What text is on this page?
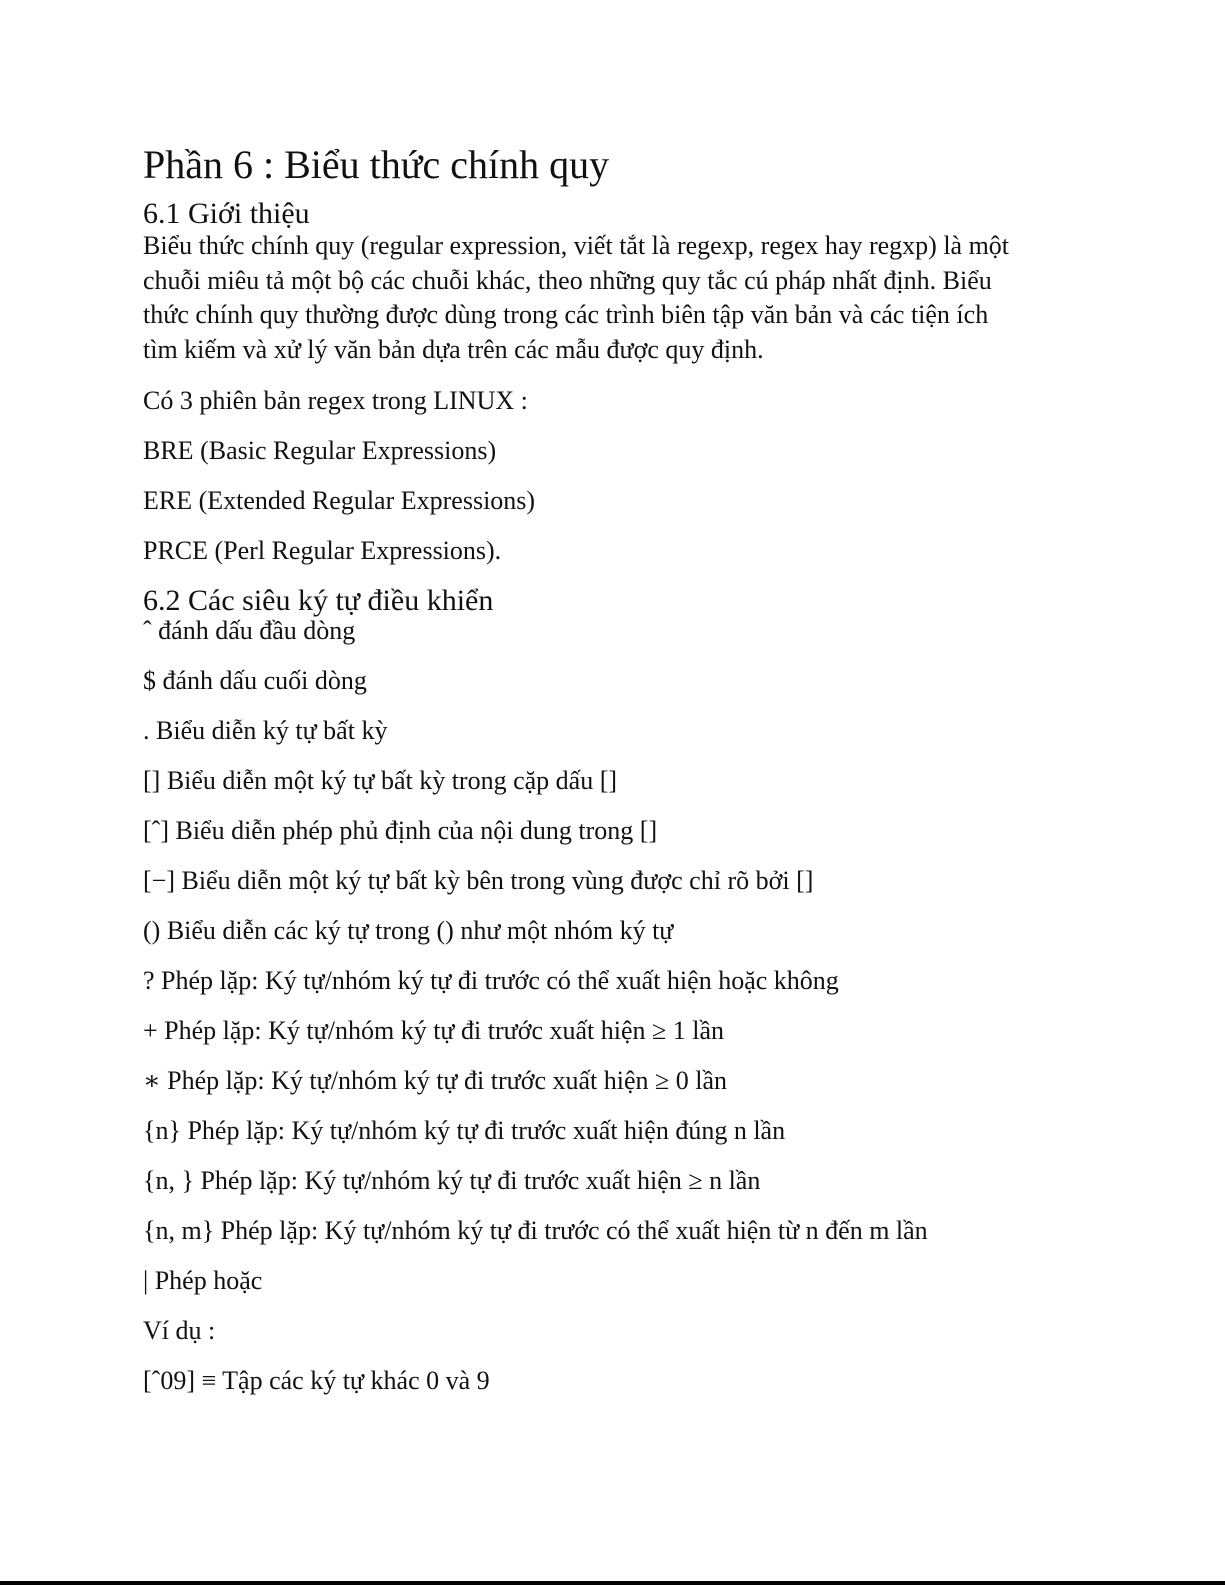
Phần 6 : Biểu thức chính quy
6.1 Giới thiệu

Biểu thức chính quy (regular expression, viết tắt là regexp, regex hay regxp) là một

chuỗi miêu tả một bộ các chuỗi khác, theo những quy tắc cú pháp nhất định. Biểu

thức chính quy thường được dùng trong các trình biên tập văn bản và các tiện ích

tìm kiếm và xử lý văn bản dựa trên các mẫu được quy định.

Có 3 phiên bản regex trong LINUX :

BRE (Basic Regular Expressions)

ERE (Extended Regular Expressions)

PRCE (Perl Regular Expressions).

6.2 Các siêu ký tự điều khiển

ˆ đánh dấu đầu dòng

$ đánh dấu cuối dòng

. Biểu diễn ký tự bất kỳ

[] Biểu diễn một ký tự bất kỳ trong cặp dấu []

[ˆ] Biểu diễn phép phủ định của nội dung trong []

[−] Biểu diễn một ký tự bất kỳ bên trong vùng được chỉ rõ bởi []

() Biểu diễn các ký tự trong () như một nhóm ký tự

? Phép lặp: Ký tự/nhóm ký tự đi trước có thể xuất hiện hoặc không

+ Phép lặp: Ký tự/nhóm ký tự đi trước xuất hiện ≥ 1 lần

∗ Phép lặp: Ký tự/nhóm ký tự đi trước xuất hiện ≥ 0 lần

{n} Phép lặp: Ký tự/nhóm ký tự đi trước xuất hiện đúng n lần

{n, } Phép lặp: Ký tự/nhóm ký tự đi trước xuất hiện ≥ n lần

{n, m} Phép lặp: Ký tự/nhóm ký tự đi trước có thể xuất hiện từ n đến m lần

| Phép hoặc

Ví dụ :

[ˆ09] ≡ Tập các ký tự khác 0 và 9
